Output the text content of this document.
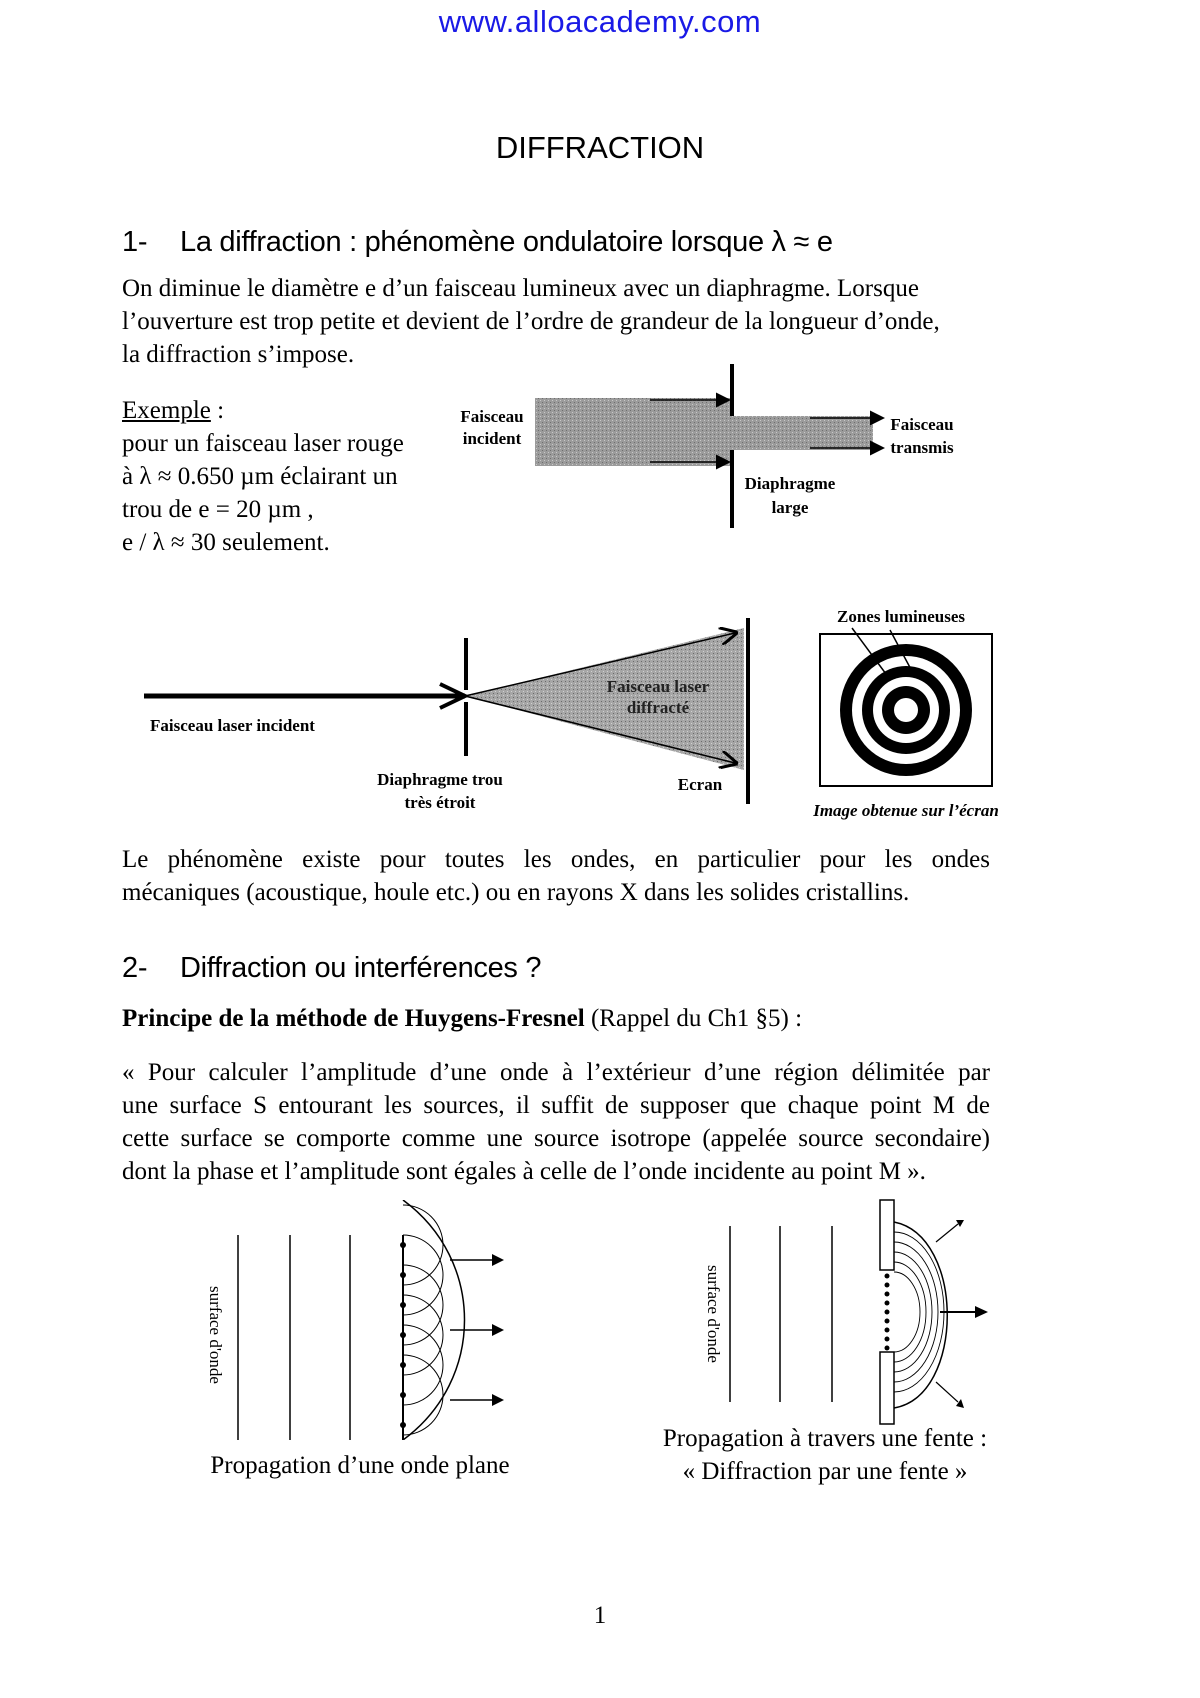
www.alloacademy.com
DIFFRACTION
1- La diffraction : phénomène ondulatoire lorsque λ ≈ e
On diminue le diamètre e d’un faisceau lumineux avec un diaphragme. Lorsque
l’ouverture est trop petite et devient de l’ordre de grandeur de la longueur d’onde,
la diffraction s’impose.
Exemple :
pour un faisceau laser rouge
à λ ≈ 0.650 µm éclairant un
trou de e = 20 µm ,
e / λ ≈ 30 seulement.
Faisceau
incident
Faisceau
transmis
Diaphragme
large
Faisceau laser incident
Faisceau laser
diffracté
Diaphragme trou
très étroit
Ecran
Zones lumineuses
Image obtenue sur l’écran
Le phénomène existe pour toutes les ondes, en particulier pour les ondes
mécaniques (acoustique, houle etc.) ou en rayons X dans les solides cristallins.
2- Diffraction ou interférences ?
Principe de la méthode de Huygens-Fresnel (Rappel du Ch1 §5) :
« Pour calculer l’amplitude d’une onde à l’extérieur d’une région délimitée par
une surface S entourant les sources, il suffit de supposer que chaque point M de
cette surface se comporte comme une source isotrope (appelée source secondaire)
dont la phase et l’amplitude sont égales à celle de l’onde incidente au point M ».
surface d'onde
Propagation d’une onde plane
surface d'onde
Propagation à travers une fente :
« Diffraction par une fente »
1
